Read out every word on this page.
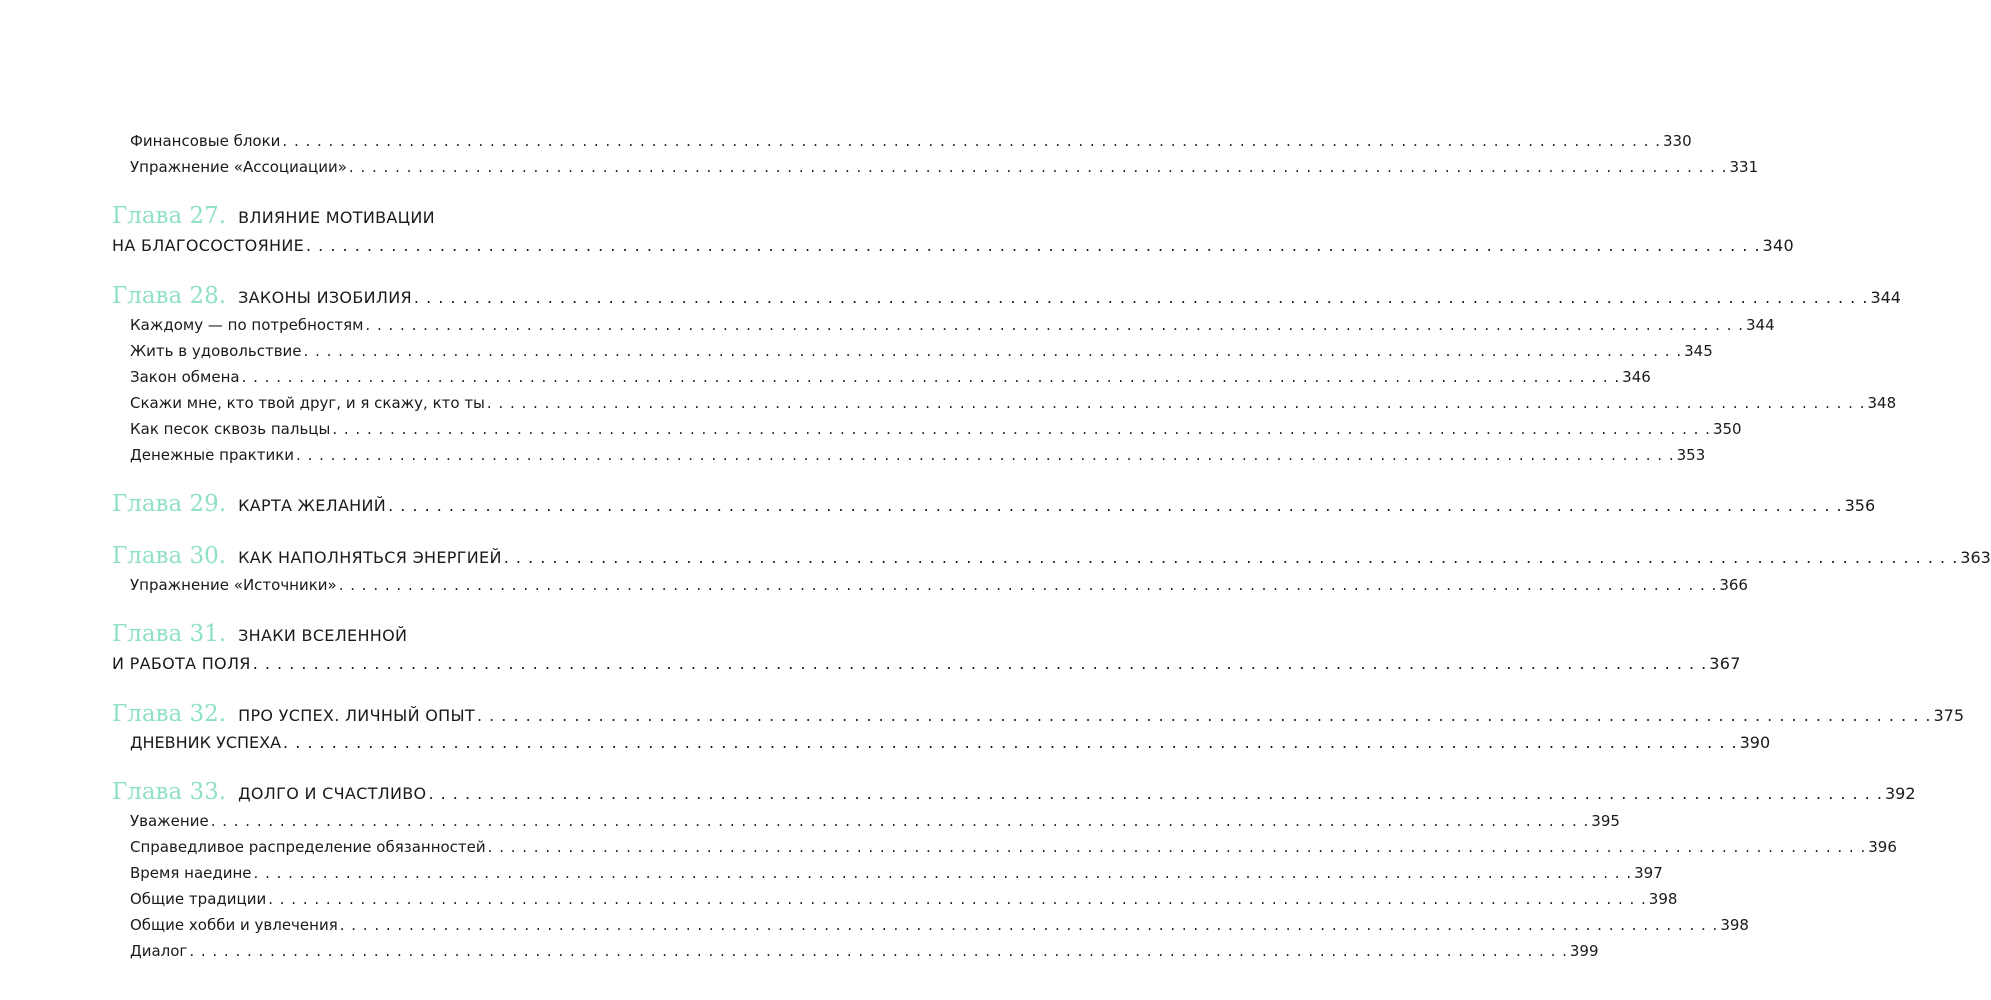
Финансовые блоки . . . . . . . . . . . . . . . . . . . . . . . . . . . . . . . . . . . . . . . . . . . . . . . . . . . . . . . . . . . . . . . . . . . . . . . . . . . . . . . . . . . . . . . . . . . . . . . . . . . . . . . . . . . . . . . . . . . . . . . . 330
Упражнение «Ассоциации» . . . . . . . . . . . . . . . . . . . . . . . . . . . . . . . . . . . . . . . . . . . . . . . . . . . . . . . . . . . . . . . . . . . . . . . . . . . . . . . . . . . . . . . . . . . . . . . . . . . . . . . . . . . . . . . . . . . . . . . . 331
Глава 27. ВЛИЯНИЕ МОТИВАЦИИ
НА БЛАГОСОСТОЯНИЕ . . . . . . . . . . . . . . . . . . . . . . . . . . . . . . . . . . . . . . . . . . . . . . . . . . . . . . . . . . . . . . . . . . . . . . . . . . . . . . . . . . . . . . . . . . . . . . . . . . . . . . . . . . . . . . . . . . . . . . . . 340
Глава 28. ЗАКОНЫ ИЗОБИЛИЯ . . . . . . . . . . . . . . . . . . . . . . . . . . . . . . . . . . . . . . . . . . . . . . . . . . . . . . . . . . . . . . . . . . . . . . . . . . . . . . . . . . . . . . . . . . . . . . . . . . . . . . . . . . . . . . . . . . . . . . . . 344
Каждому — по потребностям . . . . . . . . . . . . . . . . . . . . . . . . . . . . . . . . . . . . . . . . . . . . . . . . . . . . . . . . . . . . . . . . . . . . . . . . . . . . . . . . . . . . . . . . . . . . . . . . . . . . . . . . . . . . . . . . . . . . . . . . 344
Жить в удовольствие . . . . . . . . . . . . . . . . . . . . . . . . . . . . . . . . . . . . . . . . . . . . . . . . . . . . . . . . . . . . . . . . . . . . . . . . . . . . . . . . . . . . . . . . . . . . . . . . . . . . . . . . . . . . . . . . . . . . . . . . 345
Закон обмена . . . . . . . . . . . . . . . . . . . . . . . . . . . . . . . . . . . . . . . . . . . . . . . . . . . . . . . . . . . . . . . . . . . . . . . . . . . . . . . . . . . . . . . . . . . . . . . . . . . . . . . . . . . . . . . . . . . . . . . . 346
Скажи мне, кто твой друг, и я скажу, кто ты . . . . . . . . . . . . . . . . . . . . . . . . . . . . . . . . . . . . . . . . . . . . . . . . . . . . . . . . . . . . . . . . . . . . . . . . . . . . . . . . . . . . . . . . . . . . . . . . . . . . . . . . . . . . . . . . . . . . . . . . 348
Как песок сквозь пальцы . . . . . . . . . . . . . . . . . . . . . . . . . . . . . . . . . . . . . . . . . . . . . . . . . . . . . . . . . . . . . . . . . . . . . . . . . . . . . . . . . . . . . . . . . . . . . . . . . . . . . . . . . . . . . . . . . . . . . . . . 350
Денежные практики . . . . . . . . . . . . . . . . . . . . . . . . . . . . . . . . . . . . . . . . . . . . . . . . . . . . . . . . . . . . . . . . . . . . . . . . . . . . . . . . . . . . . . . . . . . . . . . . . . . . . . . . . . . . . . . . . . . . . . . . 353
Глава 29. КАРТА ЖЕЛАНИЙ . . . . . . . . . . . . . . . . . . . . . . . . . . . . . . . . . . . . . . . . . . . . . . . . . . . . . . . . . . . . . . . . . . . . . . . . . . . . . . . . . . . . . . . . . . . . . . . . . . . . . . . . . . . . . . . . . . . . . . . . 356
Глава 30. КАК НАПОЛНЯТЬСЯ ЭНЕРГИЕЙ . . . . . . . . . . . . . . . . . . . . . . . . . . . . . . . . . . . . . . . . . . . . . . . . . . . . . . . . . . . . . . . . . . . . . . . . . . . . . . . . . . . . . . . . . . . . . . . . . . . . . . . . . . . . . . . . . . . . . . . . 363
Упражнение «Источники» . . . . . . . . . . . . . . . . . . . . . . . . . . . . . . . . . . . . . . . . . . . . . . . . . . . . . . . . . . . . . . . . . . . . . . . . . . . . . . . . . . . . . . . . . . . . . . . . . . . . . . . . . . . . . . . . . . . . . . . . 366
Глава 31. ЗНАКИ ВСЕЛЕННОЙ
И РАБОТА ПОЛЯ . . . . . . . . . . . . . . . . . . . . . . . . . . . . . . . . . . . . . . . . . . . . . . . . . . . . . . . . . . . . . . . . . . . . . . . . . . . . . . . . . . . . . . . . . . . . . . . . . . . . . . . . . . . . . . . . . . . . . . . . 367
Глава 32. ПРО УСПЕХ. ЛИЧНЫЙ ОПЫТ . . . . . . . . . . . . . . . . . . . . . . . . . . . . . . . . . . . . . . . . . . . . . . . . . . . . . . . . . . . . . . . . . . . . . . . . . . . . . . . . . . . . . . . . . . . . . . . . . . . . . . . . . . . . . . . . . . . . . . . . 375
ДНЕВНИК УСПЕХА . . . . . . . . . . . . . . . . . . . . . . . . . . . . . . . . . . . . . . . . . . . . . . . . . . . . . . . . . . . . . . . . . . . . . . . . . . . . . . . . . . . . . . . . . . . . . . . . . . . . . . . . . . . . . . . . . . . . . . . . 390
Глава 33. ДОЛГО И СЧАСТЛИВО . . . . . . . . . . . . . . . . . . . . . . . . . . . . . . . . . . . . . . . . . . . . . . . . . . . . . . . . . . . . . . . . . . . . . . . . . . . . . . . . . . . . . . . . . . . . . . . . . . . . . . . . . . . . . . . . . . . . . . . . 392
Уважение . . . . . . . . . . . . . . . . . . . . . . . . . . . . . . . . . . . . . . . . . . . . . . . . . . . . . . . . . . . . . . . . . . . . . . . . . . . . . . . . . . . . . . . . . . . . . . . . . . . . . . . . . . . . . . . . . . . . . . . . 395
Справедливое распределение обязанностей . . . . . . . . . . . . . . . . . . . . . . . . . . . . . . . . . . . . . . . . . . . . . . . . . . . . . . . . . . . . . . . . . . . . . . . . . . . . . . . . . . . . . . . . . . . . . . . . . . . . . . . . . . . . . . . . . . . . . . . . 396
Время наедине . . . . . . . . . . . . . . . . . . . . . . . . . . . . . . . . . . . . . . . . . . . . . . . . . . . . . . . . . . . . . . . . . . . . . . . . . . . . . . . . . . . . . . . . . . . . . . . . . . . . . . . . . . . . . . . . . . . . . . . . 397
Общие традиции . . . . . . . . . . . . . . . . . . . . . . . . . . . . . . . . . . . . . . . . . . . . . . . . . . . . . . . . . . . . . . . . . . . . . . . . . . . . . . . . . . . . . . . . . . . . . . . . . . . . . . . . . . . . . . . . . . . . . . . . 398
Общие хобби и увлечения . . . . . . . . . . . . . . . . . . . . . . . . . . . . . . . . . . . . . . . . . . . . . . . . . . . . . . . . . . . . . . . . . . . . . . . . . . . . . . . . . . . . . . . . . . . . . . . . . . . . . . . . . . . . . . . . . . . . . . . . 398
Диалог . . . . . . . . . . . . . . . . . . . . . . . . . . . . . . . . . . . . . . . . . . . . . . . . . . . . . . . . . . . . . . . . . . . . . . . . . . . . . . . . . . . . . . . . . . . . . . . . . . . . . . . . . . . . . . . . . . . . . . . . 399
